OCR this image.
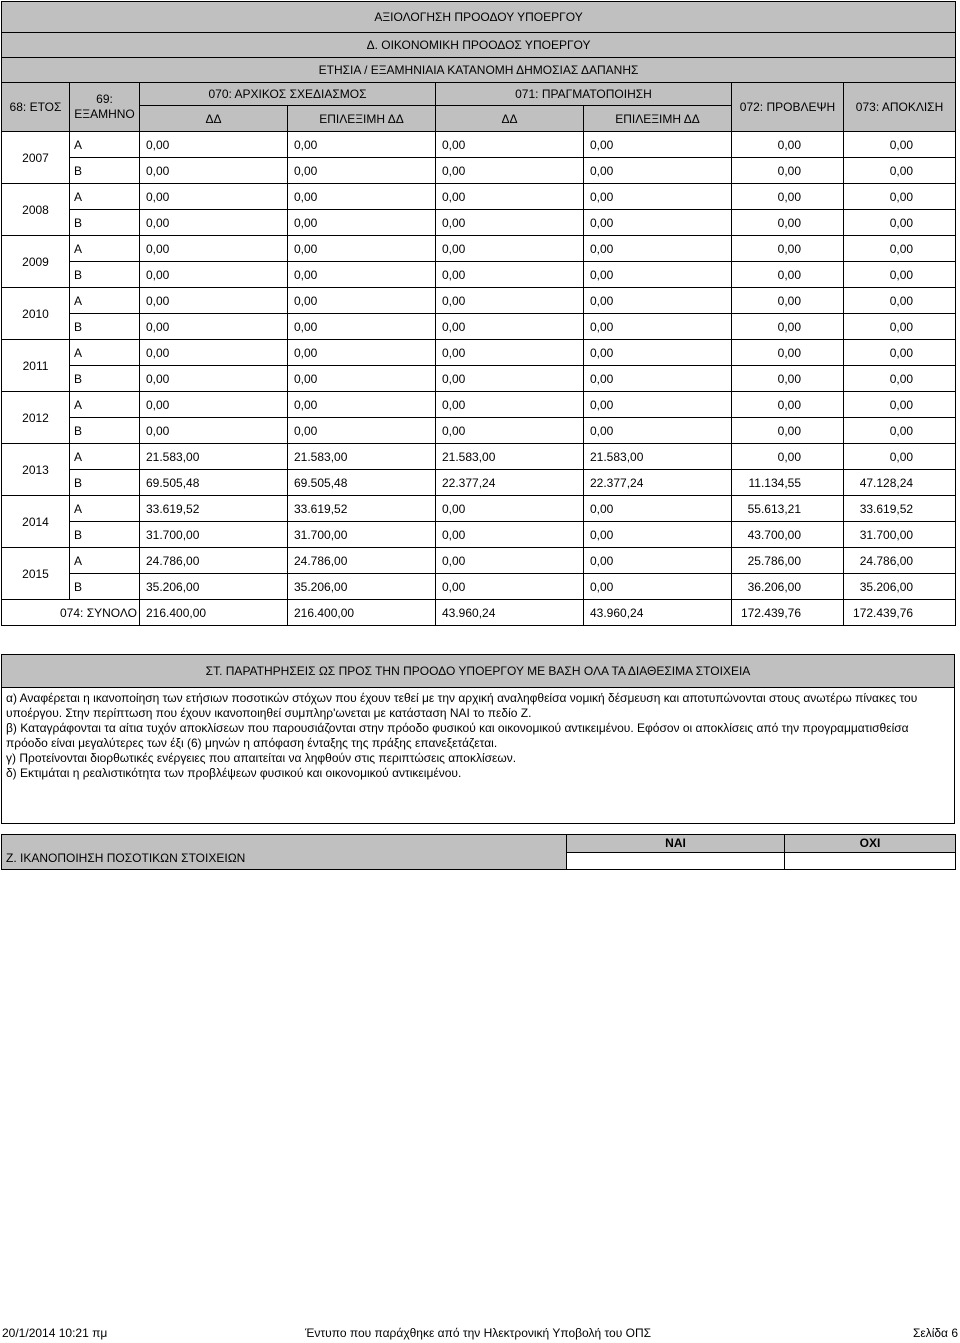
ΑΞΙΟΛΟΓΗΣΗ ΠΡΟΟΔΟΥ ΥΠΟΕΡΓΟΥ							
Δ. ΟΙΚΟΝΟΜΙΚΗ ΠΡΟΟΔΟΣ ΥΠΟΕΡΓΟΥ							
ΕΤΗΣΙΑ / ΕΞΑΜΗΝΙΑΙΑ ΚΑΤΑΝΟΜΗ ΔΗΜΟΣΙΑΣ ΔΑΠΑΝΗΣ							
68: ΕΤΟΣ	69: ΕΞΑΜΗΝΟ	070: ΑΡΧΙΚΟΣ ΣΧΕΔΙΑΣΜΟΣ		071: ΠΡΑΓΜΑΤΟΠΟΙΗΣΗ		072: ΠΡΟΒΛΕΨΗ	073: ΑΠΟΚΛΙΣΗ
		ΔΔ	ΕΠΙΛΕΞΙΜΗ ΔΔ	ΔΔ	ΕΠΙΛΕΞΙΜΗ ΔΔ		
2007	Α	0,00	0,00	0,00	0,00	0,00	0,00
	Β	0,00	0,00	0,00	0,00	0,00	0,00
2008	Α	0,00	0,00	0,00	0,00	0,00	0,00
	Β	0,00	0,00	0,00	0,00	0,00	0,00
2009	Α	0,00	0,00	0,00	0,00	0,00	0,00
	Β	0,00	0,00	0,00	0,00	0,00	0,00
2010	Α	0,00	0,00	0,00	0,00	0,00	0,00
	Β	0,00	0,00	0,00	0,00	0,00	0,00
2011	Α	0,00	0,00	0,00	0,00	0,00	0,00
	Β	0,00	0,00	0,00	0,00	0,00	0,00
2012	Α	0,00	0,00	0,00	0,00	0,00	0,00
	Β	0,00	0,00	0,00	0,00	0,00	0,00
2013	Α	21.583,00	21.583,00	21.583,00	21.583,00	0,00	0,00
	Β	69.505,48	69.505,48	22.377,24	22.377,24	11.134,55	47.128,24
2014	Α	33.619,52	33.619,52	0,00	0,00	55.613,21	33.619,52
	Β	31.700,00	31.700,00	0,00	0,00	43.700,00	31.700,00
2015	Α	24.786,00	24.786,00	0,00	0,00	25.786,00	24.786,00
	Β	35.206,00	35.206,00	0,00	0,00	36.206,00	35.206,00
074: ΣΥΝΟΛΟ		216.400,00	216.400,00	43.960,24	43.960,24	172.439,76	172.439,76
ΣΤ. ΠΑΡΑΤΗΡΗΣΕΙΣ ΩΣ ΠΡΟΣ ΤΗΝ ΠΡΟΟΔΟ ΥΠΟΕΡΓΟΥ ΜΕ ΒΑΣΗ ΟΛΑ ΤΑ ΔΙΑΘΕΣΙΜΑ ΣΤΟΙΧΕΙΑ

α) Αναφέρεται η ικανοποίηση των ετήσιων ποσοτικών στόχων που έχουν τεθεί με την αρχική αναληφθείσα νομική δέσμευση και αποτυπώνονται στους ανωτέρω πίνακες του υποέργου. Στην περίπτωση που έχουν ικανοποιηθεί συμπληρ'ωνεται με κατάσταση ΝΑΙ το πεδίο Ζ.

β) Καταγράφονται τα αίτια τυχόν αποκλίσεων που παρουσιάζονται στην πρόοδο φυσικού και οικονομικού αντικειμένου. Εφόσον οι αποκλίσεις από την προγραμματισθείσα πρόοδο είναι μεγαλύτερες των έξι (6) μηνών η απόφαση ένταξης της πράξης επανεξετάζεται.

γ) Προτείνονται διορθωτικές ενέργειες που απαιτείται να ληφθούν στις περιπτώσεις αποκλίσεων.

δ) Εκτιμάται η ρεαλιστικότητα των προβλέψεων φυσικού και οικονομικού αντικειμένου.

Ζ. ΙΚΑΝΟΠΟΙΗΣΗ ΠΟΣΟΤΙΚΩΝ ΣΤΟΙΧΕΙΩΝ	ΝΑΙ	ΟΧΙ

20/1/2014 10:21 πμ	Έντυπο που παράχθηκε από την Ηλεκτρονική Υποβολή του ΟΠΣ	Σελίδα 6
